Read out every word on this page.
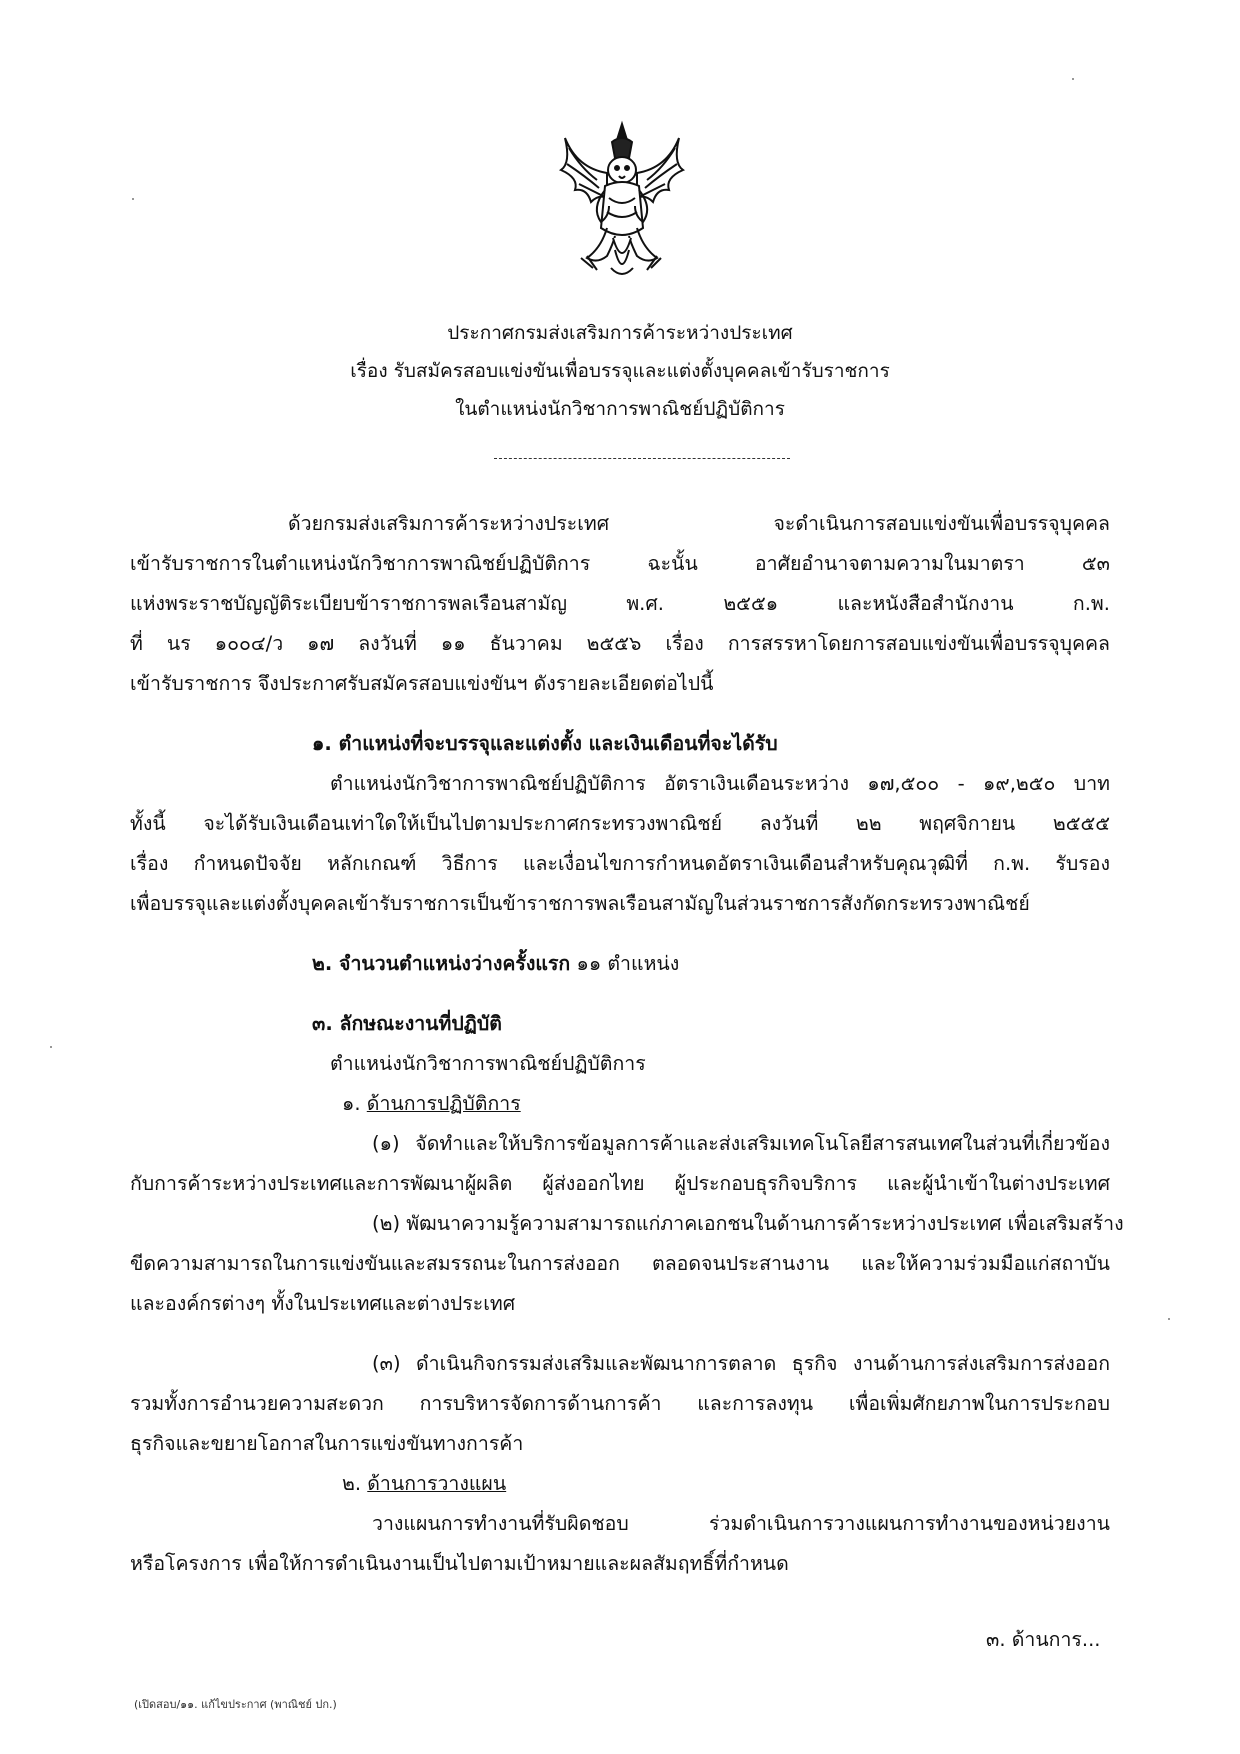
ประกาศกรมส่งเสริมการค้าระหว่างประเทศ
เรื่อง รับสมัครสอบแข่งขันเพื่อบรรจุและแต่งตั้งบุคคลเข้ารับราชการ
ในตำแหน่งนักวิชาการพาณิชย์ปฏิบัติการ
ด้วยกรมส่งเสริมการค้าระหว่างประเทศ จะดำเนินการสอบแข่งขันเพื่อบรรจุบุคคล
เข้ารับราชการในตำแหน่งนักวิชาการพาณิชย์ปฏิบัติการ ฉะนั้น อาศัยอำนาจตามความในมาตรา ๕๓
แห่งพระราชบัญญัติระเบียบข้าราชการพลเรือนสามัญ พ.ศ. ๒๕๕๑ และหนังสือสำนักงาน ก.พ.
ที่ นร ๑๐๐๔/ว ๑๗ ลงวันที่ ๑๑ ธันวาคม ๒๕๕๖ เรื่อง การสรรหาโดยการสอบแข่งขันเพื่อบรรจุบุคคล
เข้ารับราชการ จึงประกาศรับสมัครสอบแข่งขันฯ ดังรายละเอียดต่อไปนี้
๑. ตำแหน่งที่จะบรรจุและแต่งตั้ง และเงินเดือนที่จะได้รับ
ตำแหน่งนักวิชาการพาณิชย์ปฏิบัติการ อัตราเงินเดือนระหว่าง ๑๗,๕๐๐ - ๑๙,๒๕๐ บาท
ทั้งนี้ จะได้รับเงินเดือนเท่าใดให้เป็นไปตามประกาศกระทรวงพาณิชย์ ลงวันที่ ๒๒ พฤศจิกายน ๒๕๕๕
เรื่อง กำหนดปัจจัย หลักเกณฑ์ วิธีการ และเงื่อนไขการกำหนดอัตราเงินเดือนสำหรับคุณวุฒิที่ ก.พ. รับรอง
เพื่อบรรจุและแต่งตั้งบุคคลเข้ารับราชการเป็นข้าราชการพลเรือนสามัญในส่วนราชการสังกัดกระทรวงพาณิชย์
๒. จำนวนตำแหน่งว่างครั้งแรก ๑๑ ตำแหน่ง
๓. ลักษณะงานที่ปฏิบัติ
ตำแหน่งนักวิชาการพาณิชย์ปฏิบัติการ
๑. ด้านการปฏิบัติการ
(๑) จัดทำและให้บริการข้อมูลการค้าและส่งเสริมเทคโนโลยีสารสนเทศในส่วนที่เกี่ยวข้อง
กับการค้าระหว่างประเทศและการพัฒนาผู้ผลิต ผู้ส่งออกไทย ผู้ประกอบธุรกิจบริการ และผู้นำเข้าในต่างประเทศ
(๒) พัฒนาความรู้ความสามารถแก่ภาคเอกชนในด้านการค้าระหว่างประเทศ เพื่อเสริมสร้าง
ขีดความสามารถในการแข่งขันและสมรรถนะในการส่งออก ตลอดจนประสานงาน และให้ความร่วมมือแก่สถาบัน
และองค์กรต่างๆ ทั้งในประเทศและต่างประเทศ
(๓) ดำเนินกิจกรรมส่งเสริมและพัฒนาการตลาด ธุรกิจ งานด้านการส่งเสริมการส่งออก
รวมทั้งการอำนวยความสะดวก การบริหารจัดการด้านการค้า และการลงทุน เพื่อเพิ่มศักยภาพในการประกอบ
ธุรกิจและขยายโอกาสในการแข่งขันทางการค้า
๒. ด้านการวางแผน
วางแผนการทำงานที่รับผิดชอบ ร่วมดำเนินการวางแผนการทำงานของหน่วยงาน
หรือโครงการ เพื่อให้การดำเนินงานเป็นไปตามเป้าหมายและผลสัมฤทธิ์ที่กำหนด
๓. ด้านการ...
(เปิดสอบ/๑๑. แก้ไขประกาศ (พาณิชย์ ปก.)
